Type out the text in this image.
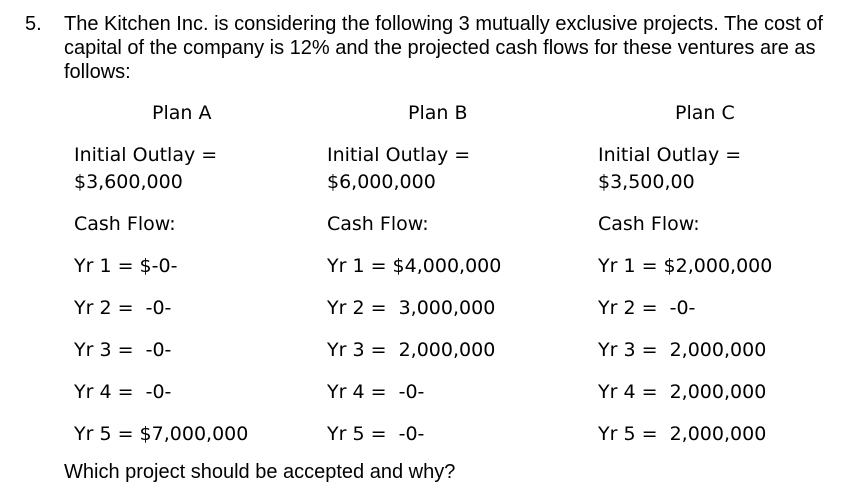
5. The Kitchen Inc. is considering the following 3 mutually exclusive projects. The cost of capital of the company is 12% and the projected cash flows for these ventures are as follows:
Plan A
Initial Outlay =
$3,600,000
Cash Flow:
Yr 1 = $-0-
Yr 2 =  -0-
Yr 3 =  -0-
Yr 4 =  -0-
Yr 5 = $7,000,000
Plan B
Initial Outlay =
$6,000,000
Cash Flow:
Yr 1 = $4,000,000
Yr 2 =  3,000,000
Yr 3 =  2,000,000
Yr 4 =  -0-
Yr 5 =  -0-
Plan C
Initial Outlay =
$3,500,00
Cash Flow:
Yr 1 = $2,000,000
Yr 2 =  -0-
Yr 3 =  2,000,000
Yr 4 =  2,000,000
Yr 5 =  2,000,000
Which project should be accepted and why?
